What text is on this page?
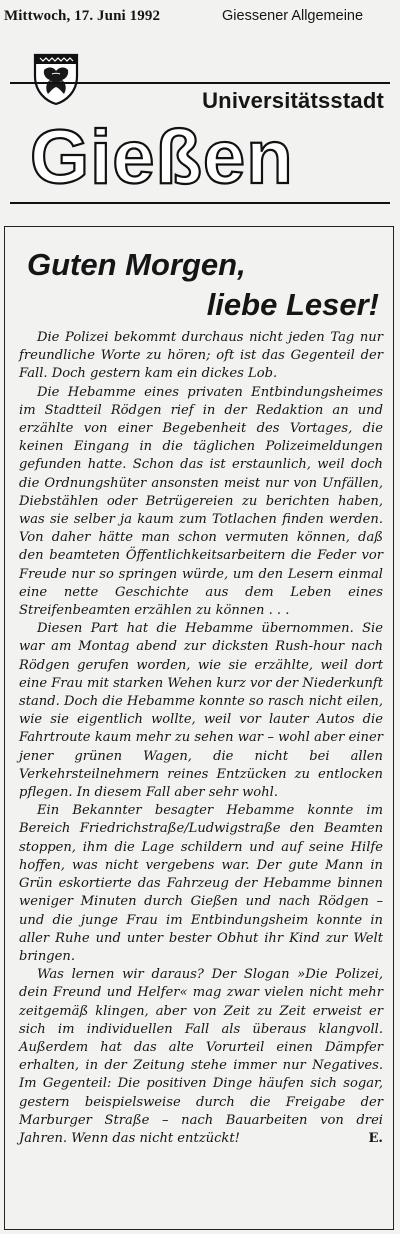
Mittwoch, 17. Juni 1992	Giessener Allgemeine
Universitätsstadt
Gießen
Guten Morgen,
liebe Leser!

Die Polizei bekommt durchaus nicht jeden Tag nur freundliche Worte zu hören; oft ist das Gegenteil der Fall. Doch gestern kam ein dickes Lob.

Die Hebamme eines privaten Entbindungsheimes im Stadtteil Rödgen rief in der Redaktion an und erzählte von einer Begebenheit des Vortages, die keinen Eingang in die täglichen Polizeimeldungen gefunden hatte. Schon das ist erstaunlich, weil doch die Ordnungshüter ansonsten meist nur von Unfällen, Diebstählen oder Betrügereien zu berichten haben, was sie selber ja kaum zum Totlachen finden werden. Von daher hätte man schon vermuten können, daß den beamteten Öffentlichkeitsarbeitern die Feder vor Freude nur so springen würde, um den Lesern einmal eine nette Geschichte aus dem Leben eines Streifenbeamten erzählen zu können . . .

Diesen Part hat die Hebamme übernommen. Sie war am Montag abend zur dicksten Rush-hour nach Rödgen gerufen worden, wie sie erzählte, weil dort eine Frau mit starken Wehen kurz vor der Niederkunft stand. Doch die Hebamme konnte so rasch nicht eilen, wie sie eigentlich wollte, weil vor lauter Autos die Fahrtroute kaum mehr zu sehen war – wohl aber einer jener grünen Wagen, die nicht bei allen Verkehrsteilnehmern reines Entzücken zu entlocken pflegen. In diesem Fall aber sehr wohl.

Ein Bekannter besagter Hebamme konnte im Bereich Friedrichstraße/Ludwigstraße den Beamten stoppen, ihm die Lage schildern und auf seine Hilfe hoffen, was nicht vergebens war. Der gute Mann in Grün eskortierte das Fahrzeug der Hebamme binnen weniger Minuten durch Gießen und nach Rödgen – und die junge Frau im Entbindungsheim konnte in aller Ruhe und unter bester Obhut ihr Kind zur Welt bringen.

Was lernen wir daraus? Der Slogan »Die Polizei, dein Freund und Helfer« mag zwar vielen nicht mehr zeitgemäß klingen, aber von Zeit zu Zeit erweist er sich im individuellen Fall als überaus klangvoll. Außerdem hat das alte Vorurteil einen Dämpfer erhalten, in der Zeitung stehe immer nur Negatives. Im Gegenteil: Die positiven Dinge häufen sich sogar, gestern beispielsweise durch die Freigabe der Marburger Straße – nach Bauarbeiten von drei Jahren. Wenn das nicht entzückt!	E.
